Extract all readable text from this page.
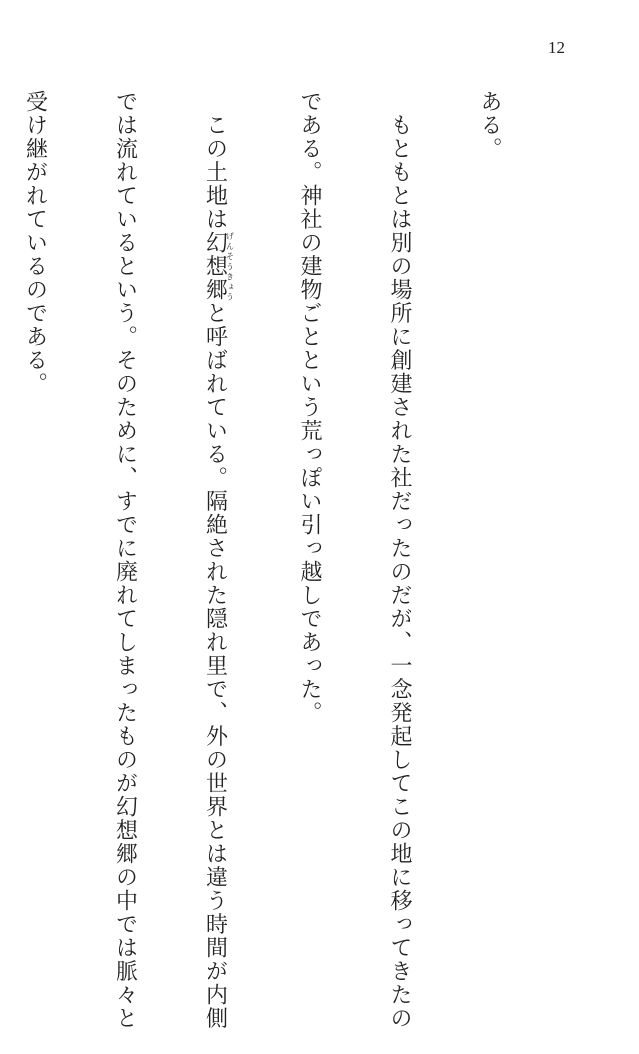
12

ある。

　もともとは別の場所に創建された社だったのだが、一念発起してこの地に移ってきたの

である。神社の建物ごとという荒っぽい引っ越しであった。

　この土地は幻想郷げんそうきょうと呼ばれている。隔絶された隠れ里で、外の世界とは違う時間が内側

では流れているという。そのために、すでに廃れてしまったものが幻想郷の中では脈々と

受け継がれているのである。
